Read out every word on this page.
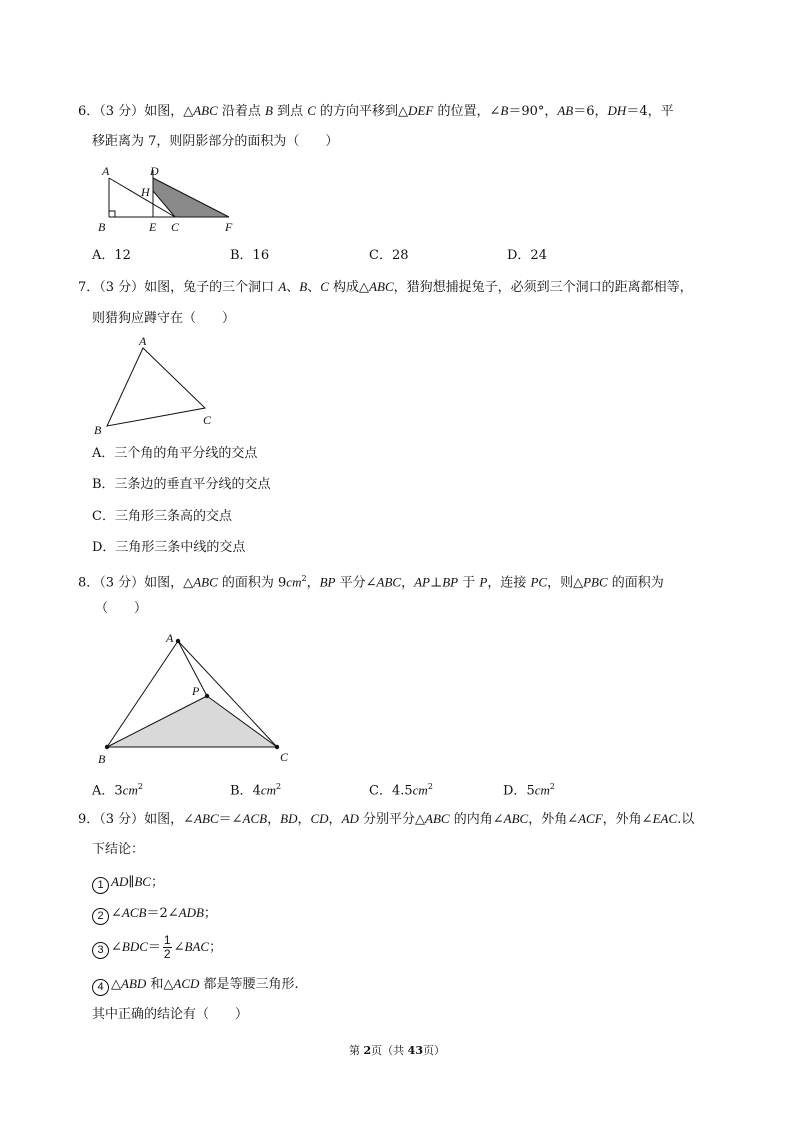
6．（3 分）如图，△ABC 沿着点 B 到点 C 的方向平移到△DEF 的位置，∠B＝90°，AB＝6，DH＝4，平
移距离为 7，则阴影部分的面积为（　　）
A	D
H
B	E C	F
A．12	B．16	C．28	D．24
7．（3 分）如图，兔子的三个洞口 A、B、C 构成△ABC，猎狗想捕捉兔子，必须到三个洞口的距离都相等，
则猎狗应蹲守在（　　）
A
B
C
A．三个角的角平分线的交点
B．三条边的垂直平分线的交点
C．三角形三条高的交点
D．三角形三条中线的交点
8．（3 分）如图，△ABC 的面积为 $9cm^2$，BP 平分∠ABC，AP⊥BP 于 P，连接 PC，则△PBC 的面积为
（　　）
A
P
B	C
A．$3cm^2$	B．$4cm^2$	C．$4.5cm^2$	D．$5cm^2$
9．（3 分）如图，∠ABC＝∠ACB，BD，CD，AD 分别平分△ABC 的内角∠ABC，外角∠ACF，外角∠EAC.以
下结论：
1 AD∥BC；
2 ∠ACB＝2∠ADB；
3 ∠BDC＝ $\frac{1}{2}$ ∠BAC；
4 △ABD 和△ACD 都是等腰三角形.
其中正确的结论有（　　）
第 2页（共 43页）
